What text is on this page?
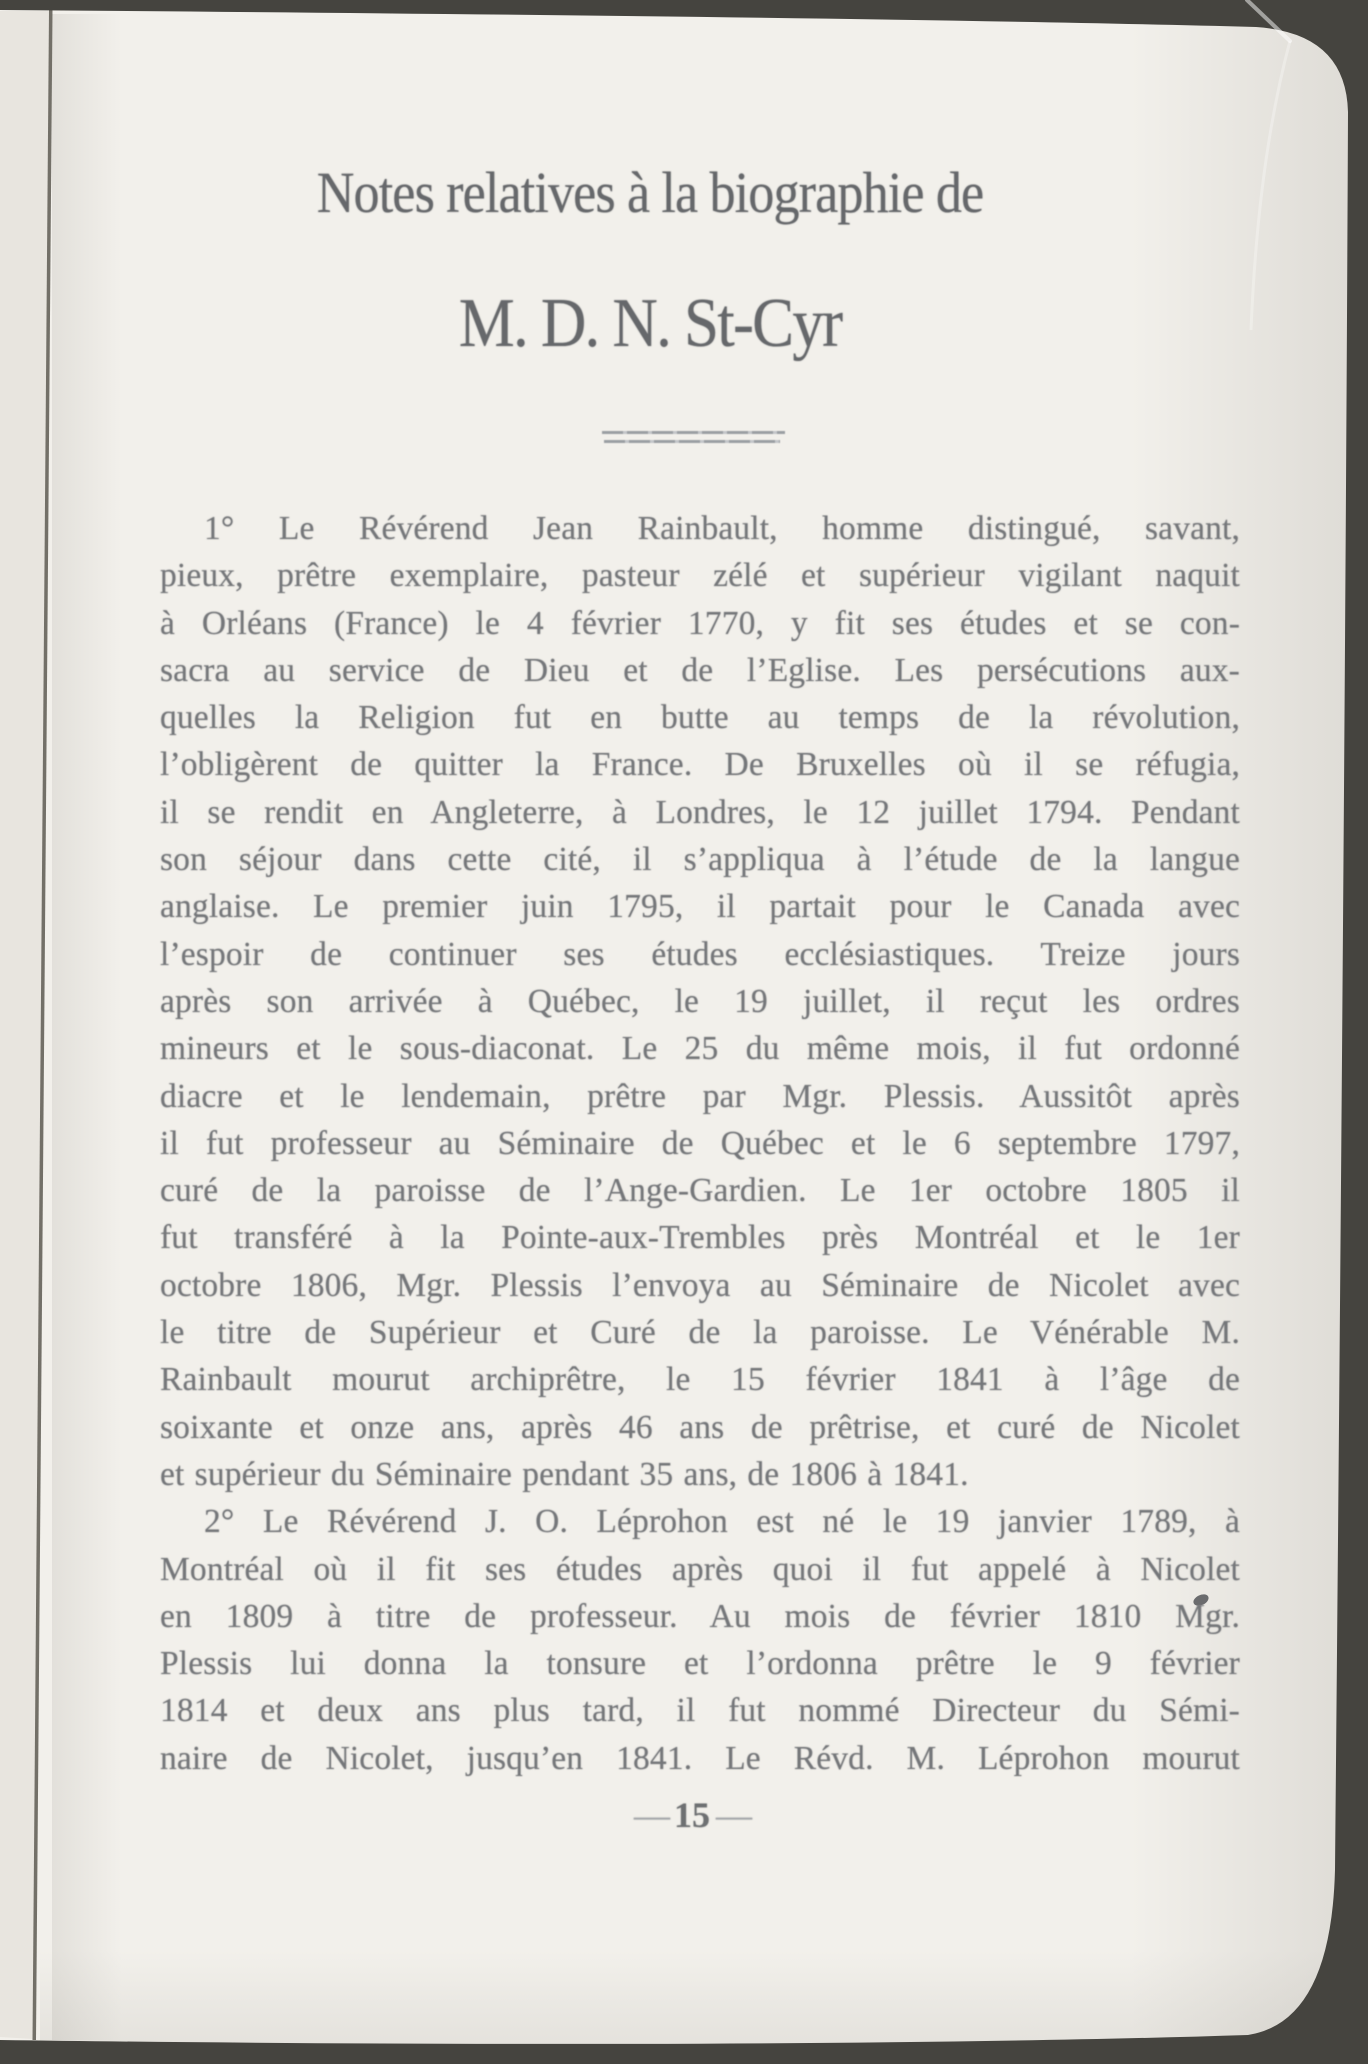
Notes relatives à la biographie de
M. D. N. St-Cyr
1° Le Révérend Jean Rainbault, homme distingué, savant,
pieux, prêtre exemplaire, pasteur zélé et supérieur vigilant naquit
à Orléans (France) le 4 février 1770, y fit ses études et se con-
sacra au service de Dieu et de l’Eglise. Les persécutions aux-
quelles la Religion fut en butte au temps de la révolution,
l’obligèrent de quitter la France. De Bruxelles où il se réfugia,
il se rendit en Angleterre, à Londres, le 12 juillet 1794. Pendant
son séjour dans cette cité, il s’appliqua à l’étude de la langue
anglaise. Le premier juin 1795, il partait pour le Canada avec
l’espoir de continuer ses études ecclésiastiques. Treize jours
après son arrivée à Québec, le 19 juillet, il reçut les ordres
mineurs et le sous-diaconat. Le 25 du même mois, il fut ordonné
diacre et le lendemain, prêtre par Mgr. Plessis. Aussitôt après
il fut professeur au Séminaire de Québec et le 6 septembre 1797,
curé de la paroisse de l’Ange-Gardien. Le 1er octobre 1805 il
fut transféré à la Pointe-aux-Trembles près Montréal et le 1er
octobre 1806, Mgr. Plessis l’envoya au Séminaire de Nicolet avec
le titre de Supérieur et Curé de la paroisse. Le Vénérable M.
Rainbault mourut archiprêtre, le 15 février 1841 à l’âge de
soixante et onze ans, après 46 ans de prêtrise, et curé de Nicolet
et supérieur du Séminaire pendant 35 ans, de 1806 à 1841.
2° Le Révérend J. O. Léprohon est né le 19 janvier 1789, à
Montréal où il fit ses études après quoi il fut appelé à Nicolet
en 1809 à titre de professeur. Au mois de février 1810 Mgr.
Plessis lui donna la tonsure et l’ordonna prêtre le 9 février
1814 et deux ans plus tard, il fut nommé Directeur du Sémi-
naire de Nicolet, jusqu’en 1841. Le Révd. M. Léprohon mourut
— 15 —
